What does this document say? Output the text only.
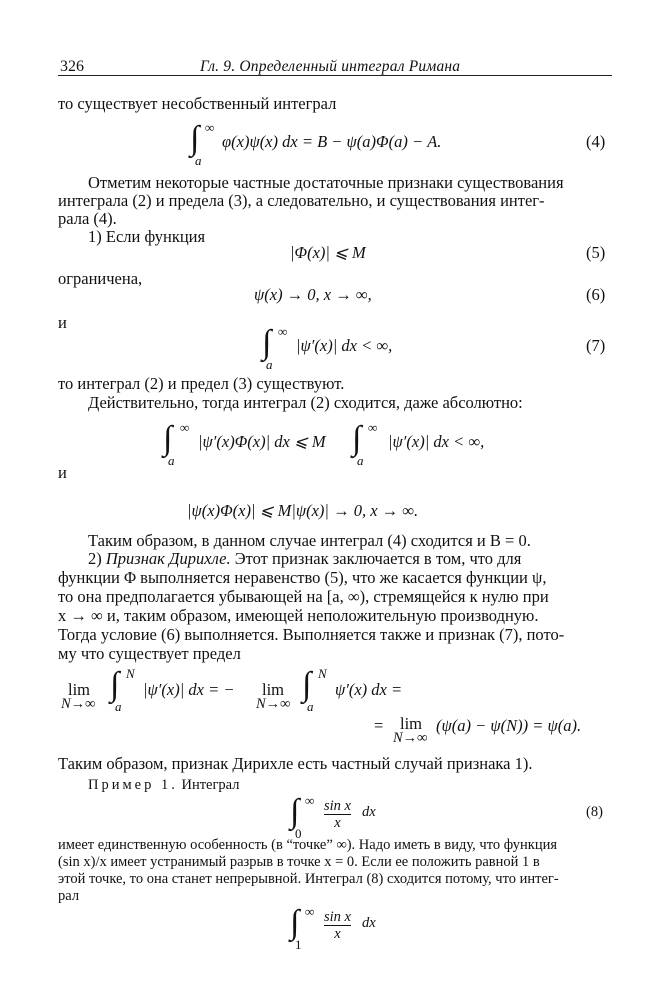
326	Гл. 9. Определенный интеграл Римана
то существует несобственный интеграл
∫ ∞
a
φ(x)ψ(x) dx = B − ψ(a)Φ(a) − A.	(4)
Отметим некоторые частные достаточные признаки существования
интеграла (2) и предела (3), а следовательно, и существования интег-
рала (4).
1) Если функция
|Φ(x)| ⩽ M	(5)
ограничена,
ψ(x) → 0, x → ∞,	(6)
и
∫ ∞
a
|ψ′(x)| dx < ∞,	(7)
то интеграл (2) и предел (3) существуют.
Действительно, тогда интеграл (2) сходится, даже абсолютно:
∫ ∞
a
|ψ′(x)Φ(x)| dx ⩽ M ∫ ∞
a
|ψ′(x)| dx < ∞,
и
|ψ(x)Φ(x)| ⩽ M|ψ(x)| → 0, x → ∞.
Таким образом, в данном случае интеграл (4) сходится и B = 0.
2) Признак Дирихле. Этот признак заключается в том, что для
функции Φ выполняется неравенство (5), что же касается функции ψ,
то она предполагается убывающей на [a, ∞), стремящейся к нулю при
x → ∞ и, таким образом, имеющей неположительную производную.
Тогда условие (6) выполняется. Выполняется также и признак (7), пото-
му что существует предел
lim
N→∞
∫ N
a
|ψ′(x)| dx = − lim
N→∞
∫ N
a
ψ′(x) dx =
= lim
N→∞
(ψ(a) − ψ(N)) = ψ(a).
Таким образом, признак Дирихле есть частный случай признака 1).
Пример 1. Интеграл
∫ ∞
0
$\frac{\text{sin x}}{x}$ dx	(8)
имеет единственную особенность (в “точке” ∞). Надо иметь в виду, что функция
(sin x)/x имеет устранимый разрыв в точке x = 0. Если ее положить равной 1 в
этой точке, то она станет непрерывной. Интеграл (8) сходится потому, что интег-
рал
∫ ∞
1
$\frac{\text{sin x}}{x}$ dx
